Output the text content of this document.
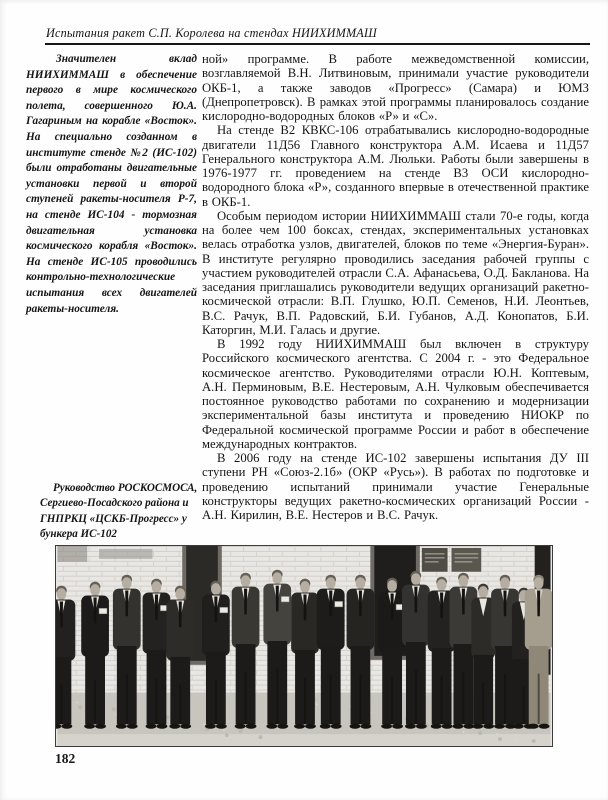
Испытания ракет С.П. Королева на стендах НИИХИММАШ

Значителен вклад НИИХИММАШ в обеспечение первого в мире космического полета, совершенного Ю.А. Гагариным на корабле «Восток». На специально созданном в институте стенде №2 (ИС-102) были отработаны двигательные установки первой и второй ступеней ракеты-носителя Р-7, на стенде ИС-104 - тормозная двигательная установка космического корабля «Восток». На стенде ИС-105 проводились контрольно-технологические испытания всех двигателей ракеты-носителя.

Руководство РОСКОСМОСА, Сергиево-Посадского района и ГНПРКЦ «ЦСКБ-Прогресс» у бункера ИС-102

ной» программе. В работе межведомственной комиссии, возглавляемой В.Н. Литвиновым, принимали участие руководители ОКБ-1, а также заводов «Прогресс» (Самара) и ЮМЗ (Днепропетровск). В рамках этой программы планировалось создание кислородно-водородных блоков «Р» и «С».

На стенде В2 КВКС-106 отрабатывались кислородно-водородные двигатели 11Д56 Главного конструктора А.М. Исаева и 11Д57 Генерального конструктора А.М. Люльки. Работы были завершены в 1976-1977 гг. проведением на стенде В3 ОСИ кислородно-водородного блока «Р», созданного впервые в отечественной практике в ОКБ-1.

Особым периодом истории НИИХИММАШ стали 70-е годы, когда на более чем 100 боксах, стендах, экспериментальных установках велась отработка узлов, двигателей, блоков по теме «Энергия-Буран». В институте регулярно проводились заседания рабочей группы с участием руководителей отрасли С.А. Афанасьева, О.Д. Бакланова. На заседания приглашались руководители ведущих организаций ракетно-космической отрасли: В.П. Глушко, Ю.П. Семенов, Н.И. Леонтьев, В.С. Рачук, В.П. Радовский, Б.И. Губанов, А.Д. Конопатов, Б.И. Каторгин, М.И. Галась и другие.

В 1992 году НИИХИММАШ был включен в структуру Российского космического агентства. С 2004 г. - это Федеральное космическое агентство. Руководителями отрасли Ю.Н. Коптевым, А.Н. Перминовым, В.Е. Нестеровым, А.Н. Чулковым обеспечивается постоянное руководство работами по сохранению и модернизации экспериментальной базы института и проведению НИОКР по Федеральной космической программе России и работ в обеспечение международных контрактов.

В 2006 году на стенде ИС-102 завершены испытания ДУ III ступени РН «Союз-2.1б» (ОКР «Русь»). В работах по подготовке и проведению испытаний принимали участие Генеральные конструкторы ведущих ракетно-космических организаций России - А.Н. Кирилин, В.Е. Нестеров и В.С. Рачук.

182
